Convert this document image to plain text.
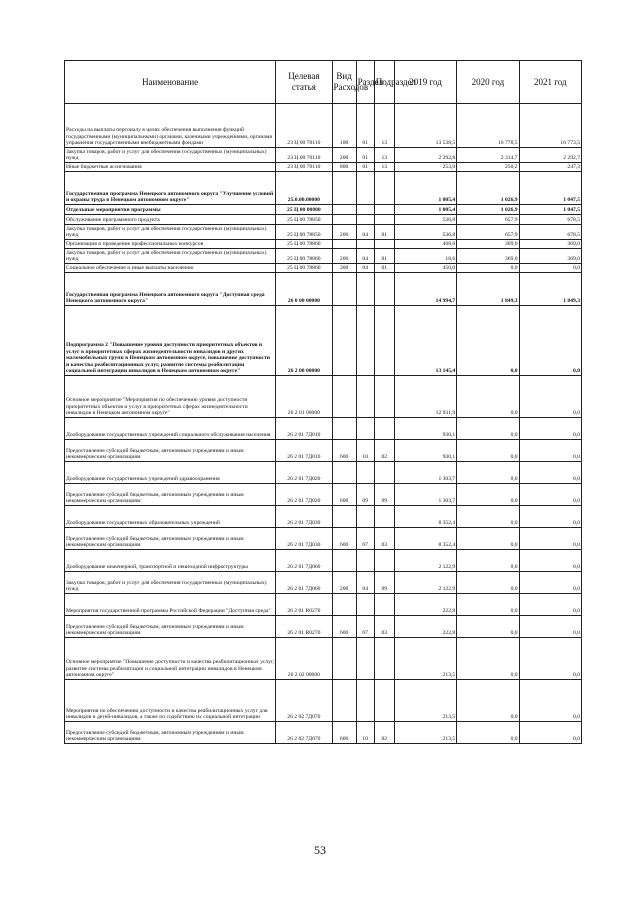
Наименование	Целевая статья	Вид Расходов	Раздел	Подраздел	2019 год	2020 год	2021 год
Расходы на выплаты персоналу в целях обеспечения выполнения функций государственными (муниципальными) органами, казенными учреждениями, органами управления государственными внебюджетными фондами	23 Ц 00 70110	100	01	13	13 538,5	16 778,5	16 773,5
Закупка товаров, работ и услуг для обеспечения государственных (муниципальных) нужд	23 Ц 00 70110	200	01	13	2 292,8	2 314,7	2 292,7
Иные бюджетные ассигнования	23 Ц 00 70110	800	01	13	253,0	250,2	247,3
Государственная программа Ненецкого автономного округа "Улучшение условий и охраны труда в Ненецком автономном округе"	25.0.00.00000				1 005,4	1 026,9	1 047,5
Отдельные мероприятия программы	25 Ц 00 00000				1 005,4	1 026,9	1 047,5
Обслуживание программного продукта	25 Ц 00 78850				536,8	657,9	678,5
Закупка товаров, работ и услуг для обеспечения государственных (муниципальных) нужд	25 Ц 00 78850	200	04	01	536,8	657,9	678,5
Организация и проведение профессиональных конкурсов	25 Ц 00 78860				468,6	369,0	369,0
Закупка товаров, работ и услуг для обеспечения государственных (муниципальных) нужд	25 Ц 00 78860	200	04	01	18,6	369,0	369,0
Социальное обеспечение и иные выплаты населению	25 Ц 00 78860	300	04	01	450,0	0,0	0,0
Государственная программа Ненецкого автономного округа "Доступная среда Ненецкого автономного округа"	26 0 00 00000				14 994,7	1 849,3	1 849,3
Подпрограмма 2 "Повышение уровня доступности приоритетных объектов и услуг в приоритетных сферах жизнедеятельности инвалидов и других маломобильных групп в Ненецком автономном округе, повышение доступности и качества реабилитационных услуг, развитие системы реабилитации социальной интеграции инвалидов в Ненецком автономном округе"	26 2 00 00000				13 145,4	0,0	0,0
Основное мероприятие "Мероприятия по обеспечению уровня доступности приоритетных объектов и услуг в приоритетных сферах жизнедеятельности инвалидов в Ненецком автономном округе"	26 2 01 00000				12 931,9	0,0	0,0
Дооборудование государственных учреждений социального обслуживания населения	26 2 01 7Д010				930,1	0,0	0,0
Предоставление субсидий бюджетным, автономным учреждениям и иным некоммерческим организациям	26 2 01 7Д010	600	10	02	930,1	0,0	0,0
Дооборудование государственных учреждений здравоохранения	26 2 01 7Д020				1 303,7	0,0	0,0
Предоставление субсидий бюджетным, автономным учреждениям и иным некоммерческим организациям	26 2 01 7Д020	600	09	09	1 303,7	0,0	0,0
Дооборудование государственных образовательных учреждений	26 2 01 7Д030				8 352,4	0,0	0,0
Предоставление субсидий бюджетным, автономным учреждениям и иным некоммерческим организациям	26 2 01 7Д030	600	07	03	8 352,4	0,0	0,0
Дооборудование инженерной, транспортной и пешеходной инфраструктуры	26 2 01 7Д060				2 122,9	0,0	0,0
Закупка товаров, работ и услуг для обеспечения государственных (муниципальных) нужд	26 2 01 7Д060	200	04	09	2 122,9	0,0	0,0
Мероприятия государственной программы Российской Федерации "Доступная среда"	26 2 01 R0270				222,8	0,0	0,0
Предоставление субсидий бюджетным, автономным учреждениям и иным некоммерческим организациям	26 2 01 R0270	600	07	03	222,8	0,0	0,0
Основное мероприятие "Повышение доступности и качества реабилитационных услуг, развитие системы реабилитации и социальной интеграции инвалидов в Ненецком автономном округе"	26 2 02 00000				213,5	0,0	0,0
Мероприятия по обеспечению доступности и качества реабилитационных услуг для инвалидов и детей-инвалидов, а также по содействию их социальной интеграции	26 2 02 7Д070				213,5	0,0	0,0
Предоставление субсидий бюджетным, автономным учреждениям и иным некоммерческим организациям	26 2 02 7Д070	600	10	02	213,5	0,0	0,0
53
